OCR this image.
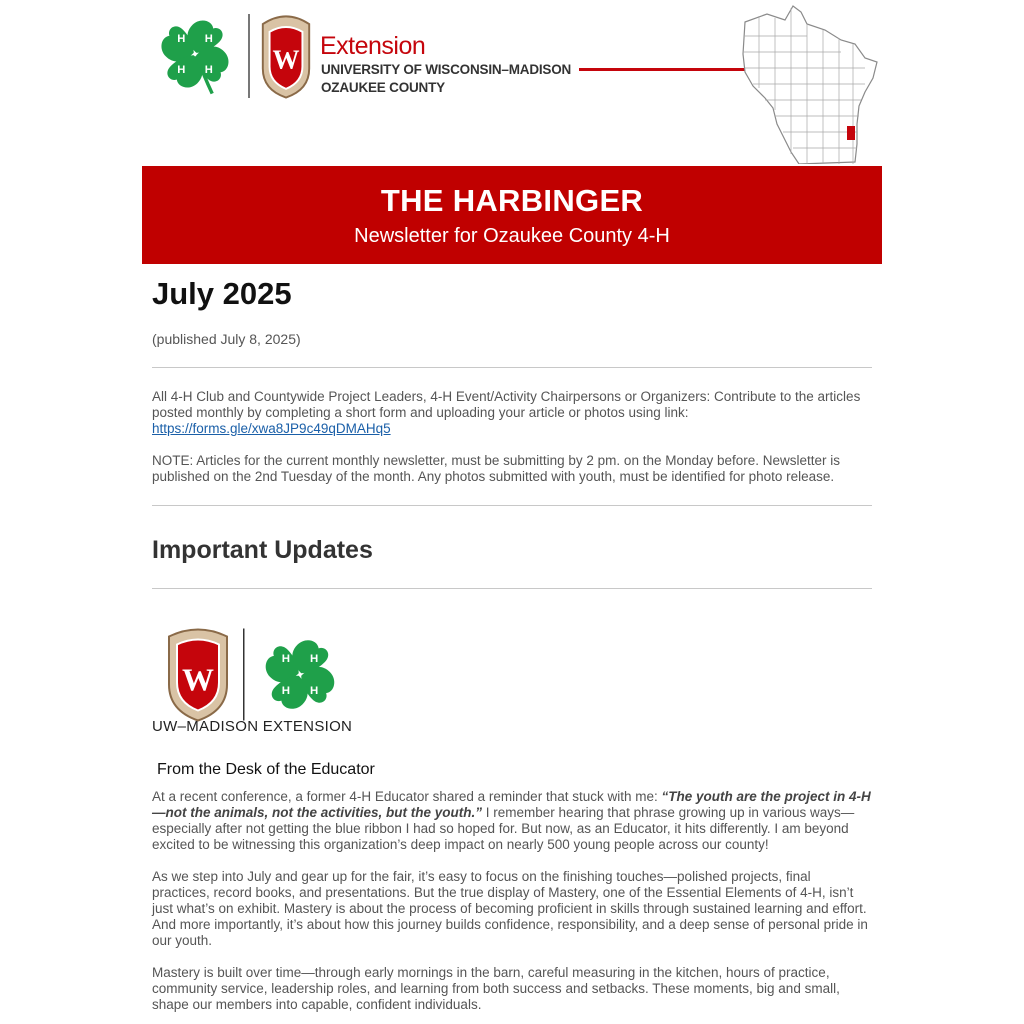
H H
H H W Extension
UNIVERSITY OF WISCONSIN–MADISON
OZAUKEE COUNTY
THE HARBINGER
Newsletter for Ozaukee County 4-H
July 2025
(published July 8, 2025)
All 4-H Club and Countywide Project Leaders, 4-H Event/Activity Chairpersons or Organizers: Contribute to the articles posted monthly by completing a short form and uploading your article or photos using link: https://forms.gle/xwa8JP9c49qDMAHq5
NOTE: Articles for the current monthly newsletter, must be submitting by 2 pm. on the Monday before. Newsletter is published on the 2nd Tuesday of the month. Any photos submitted with youth, must be identified for photo release.
Important Updates
W
H H
H H
UW–MADISON EXTENSION
From the Desk of the Educator
At a recent conference, a former 4-H Educator shared a reminder that stuck with me: “The youth are the project in 4-H—not the animals, not the activities, but the youth.” I remember hearing that phrase growing up in various ways—especially after not getting the blue ribbon I had so hoped for. But now, as an Educator, it hits differently. I am beyond excited to be witnessing this organization’s deep impact on nearly 500 young people across our county!
As we step into July and gear up for the fair, it’s easy to focus on the finishing touches—polished projects, final practices, record books, and presentations. But the true display of Mastery, one of the Essential Elements of 4-H, isn’t just what’s on exhibit. Mastery is about the process of becoming proficient in skills through sustained learning and effort. And more importantly, it’s about how this journey builds confidence, responsibility, and a deep sense of personal pride in our youth.
Mastery is built over time—through early mornings in the barn, careful measuring in the kitchen, hours of practice, community service, leadership roles, and learning from both success and setbacks. These moments, big and small, shape our members into capable, confident individuals.
